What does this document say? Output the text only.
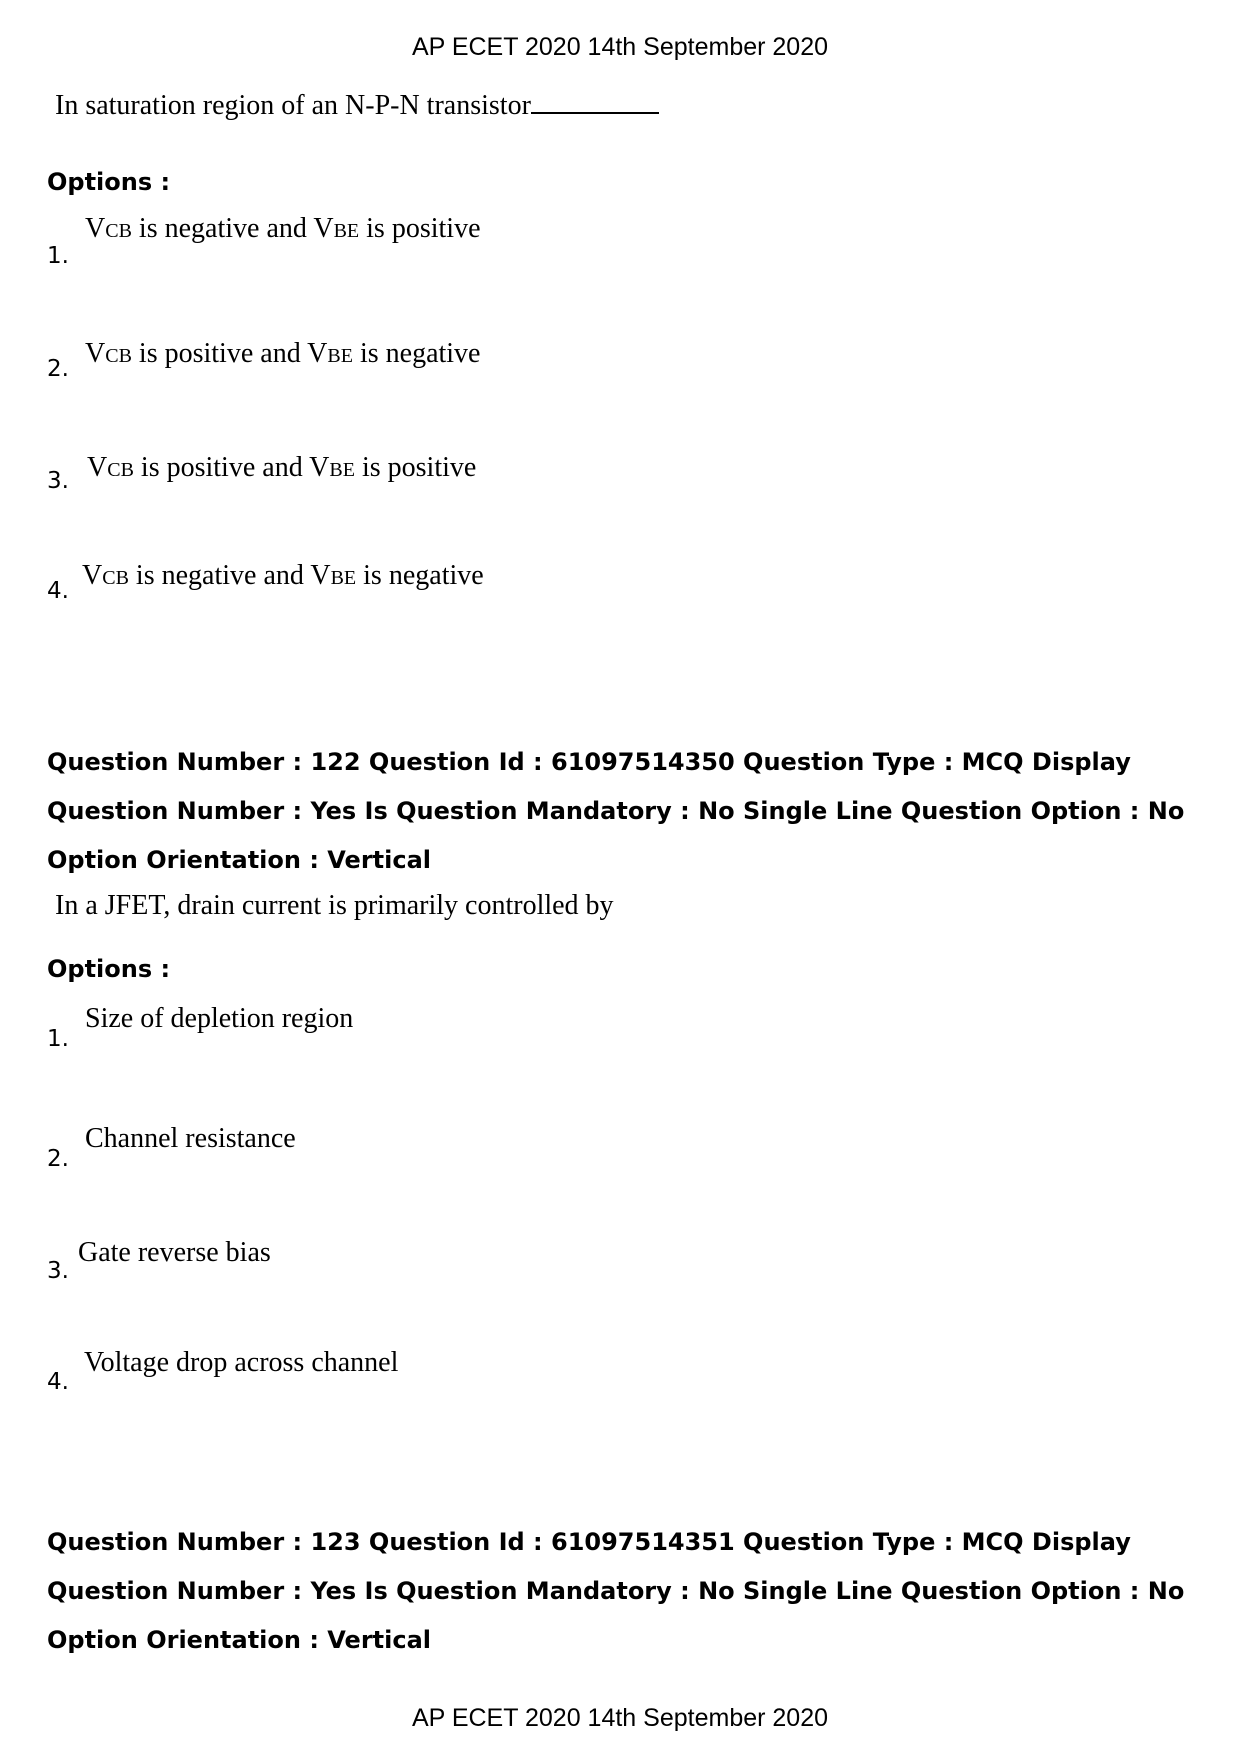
AP ECET 2020 14th September 2020
In saturation region of an N-P-N transistor
Options :
1.
VCB is negative and VBE is positive
2. VCB is positive and VBE is negative
3. VCB is positive and VBE is positive
4. VCB is negative and VBE is negative
Question Number : 122 Question Id : 61097514350 Question Type : MCQ Display Question Number : Yes Is Question Mandatory : No Single Line Question Option : No Option Orientation : Vertical
In a JFET, drain current is primarily controlled by
Options :
1.
Size of depletion region
2.
Channel resistance
3.
Gate reverse bias
4.
Voltage drop across channel
Question Number : 123 Question Id : 61097514351 Question Type : MCQ Display Question Number : Yes Is Question Mandatory : No Single Line Question Option : No Option Orientation : Vertical
AP ECET 2020 14th September 2020
